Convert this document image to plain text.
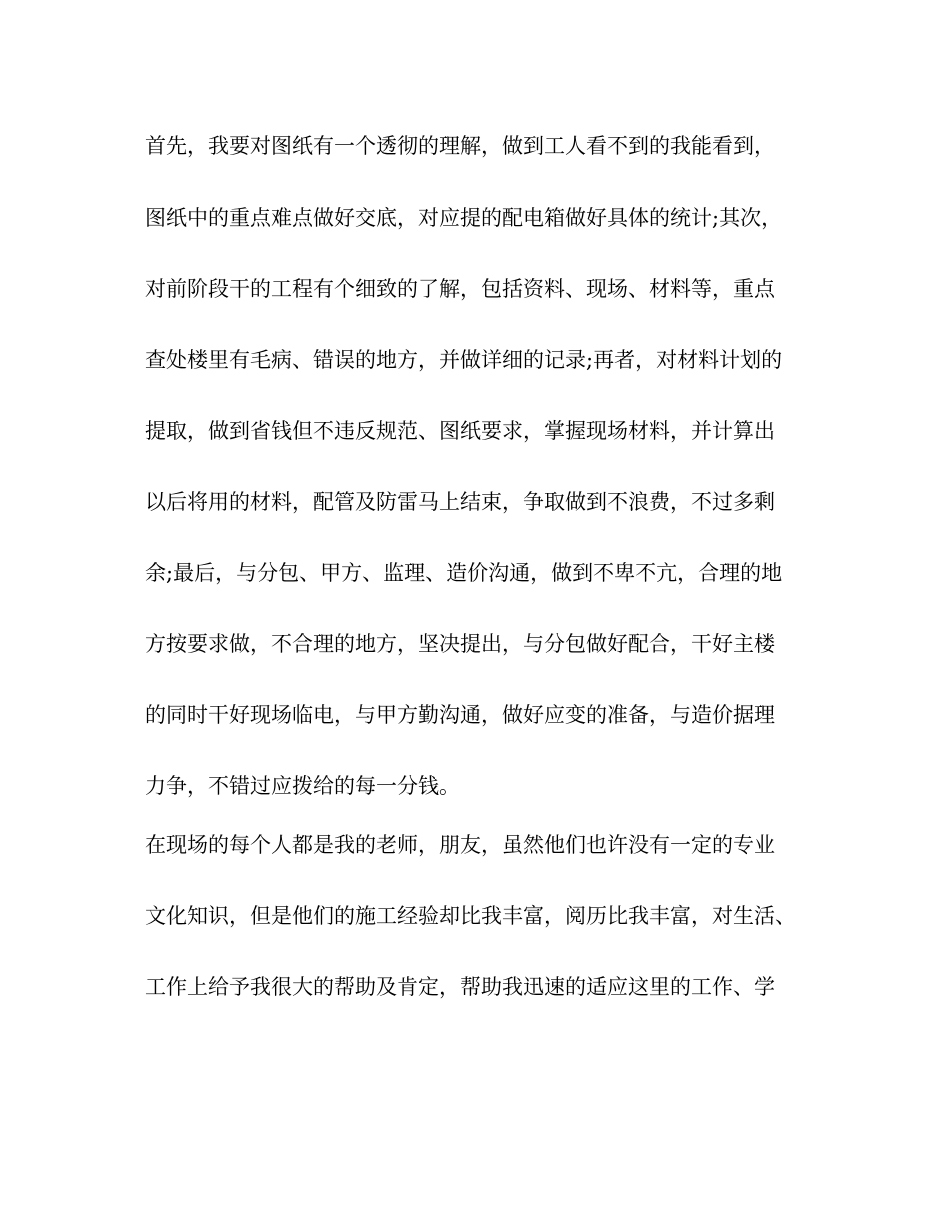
首先，我要对图纸有一个透彻的理解，做到工人看不到的我能看到，
图纸中的重点难点做好交底，对应提的配电箱做好具体的统计;其次，
对前阶段干的工程有个细致的了解，包括资料、现场、材料等，重点
查处楼里有毛病、错误的地方，并做详细的记录;再者，对材料计划的
提取，做到省钱但不违反规范、图纸要求，掌握现场材料，并计算出
以后将用的材料，配管及防雷马上结束，争取做到不浪费，不过多剩
余;最后，与分包、甲方、监理、造价沟通，做到不卑不亢，合理的地
方按要求做，不合理的地方，坚决提出，与分包做好配合，干好主楼
的同时干好现场临电，与甲方勤沟通，做好应变的准备，与造价据理
力争，不错过应拨给的每一分钱。
在现场的每个人都是我的老师，朋友，虽然他们也许没有一定的专业
文化知识，但是他们的施工经验却比我丰富，阅历比我丰富，对生活、
工作上给予我很大的帮助及肯定，帮助我迅速的适应这里的工作、学
